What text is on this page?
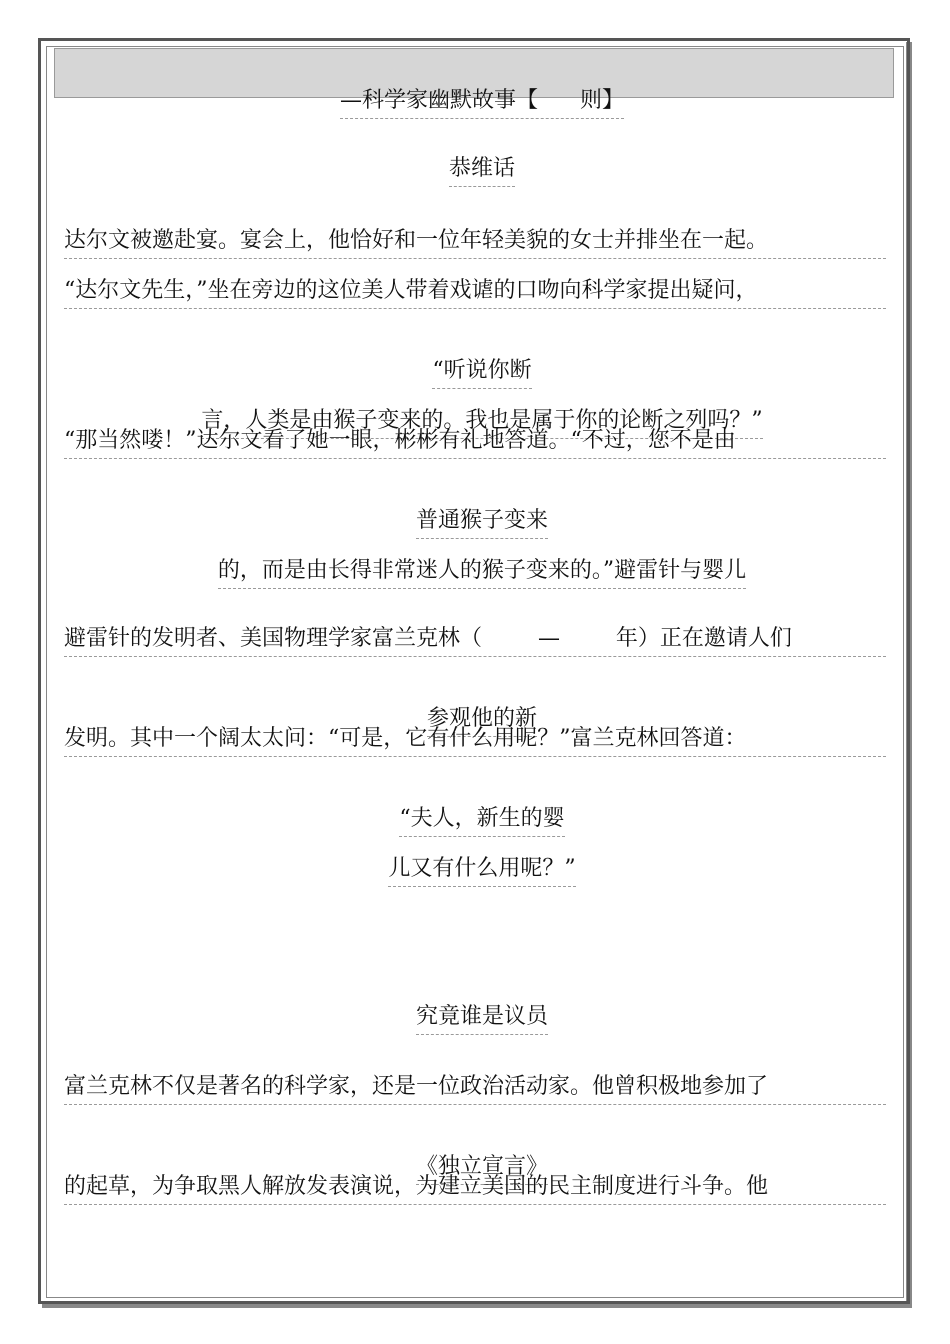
—科学家幽默故事【      则】

恭维话

达尔文被邀赴宴。宴会上，他恰好和一位年轻美貌的女士并排坐在一起。
“达尔文先生，”坐在旁边的这位美人带着戏谑的口吻向科学家提出疑问，

“听说你断

言，人类是由猴子变来的。我也是属于你的论断之列吗？”

“那当然喽！”达尔文看了她一眼，彬彬有礼地答道。“不过，您不是由

普通猴子变来

的，而是由长得非常迷人的猴子变来的。”避雷针与婴儿

避雷针的发明者、美国物理学家富兰克林（        —        年）正在邀请人们

参观他的新

发明。其中一个阔太太问：“可是，它有什么用呢？”富兰克林回答道：

“夫人，新生的婴

儿又有什么用呢？”

究竟谁是议员

富兰克林不仅是著名的科学家，还是一位政治活动家。他曾积极地参加了

《独立宣言》

的起草，为争取黑人解放发表演说，为建立美国的民主制度进行斗争。他
